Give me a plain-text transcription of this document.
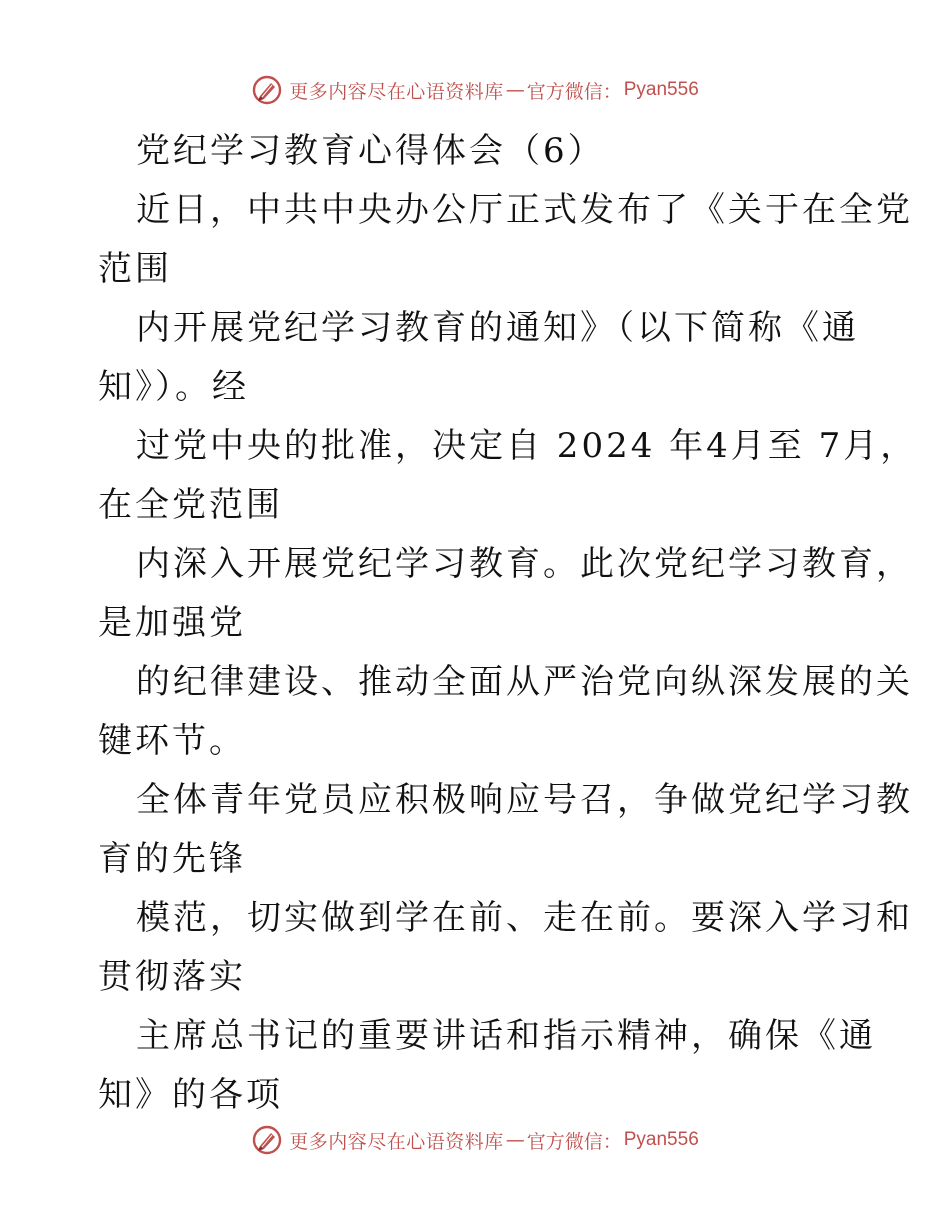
更多内容尽在心语资料库 — 官方微信： Pyan556
党纪学习教育心得体会（6）
近日，中共中央办公厅正式发布了《关于在全党
范围
内开展党纪学习教育的通知》（以下简称《通
知》）。经
过党中央的批准，决定自 2024 年4月至 7月，
在全党范围
内深入开展党纪学习教育。此次党纪学习教育，
是加强党
的纪律建设、推动全面从严治党向纵深发展的关
键环节。
全体青年党员应积极响应号召，争做党纪学习教
育的先锋
模范，切实做到学在前、走在前。要深入学习和
贯彻落实
主席总书记的重要讲话和指示精神，确保《通
知》的各项
更多内容尽在心语资料库 — 官方微信： Pyan556
